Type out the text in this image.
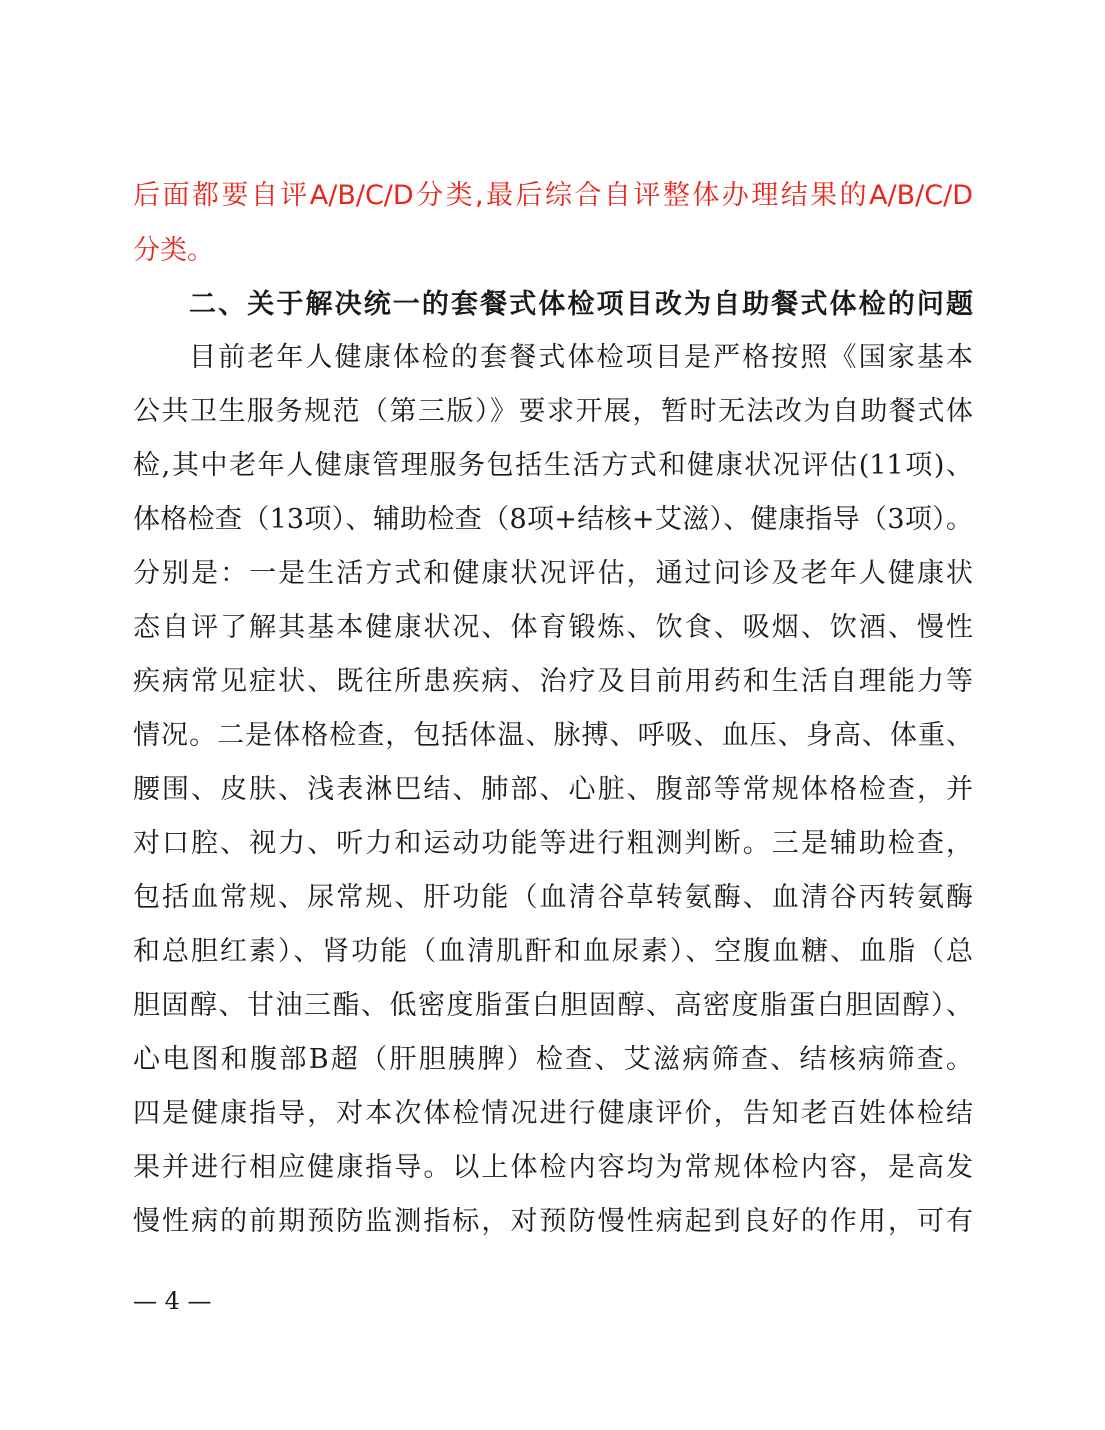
后面都要自评A/B/C/D分类,最后综合自评整体办理结果的A/B/C/D
分类。
二、关于解决统一的套餐式体检项目改为自助餐式体检的问题
目前老年人健康体检的套餐式体检项目是严格按照《国家基本
公共卫生服务规范（第三版）》要求开展，暂时无法改为自助餐式体
检,其中老年人健康管理服务包括生活方式和健康状况评估(11项)、
体格检查（13项）、辅助检查（8项+结核+艾滋）、健康指导（3项）。
分别是：一是生活方式和健康状况评估，通过问诊及老年人健康状
态自评了解其基本健康状况、体育锻炼、饮食、吸烟、饮酒、慢性
疾病常见症状、既往所患疾病、治疗及目前用药和生活自理能力等
情况。二是体格检查，包括体温、脉搏、呼吸、血压、身高、体重、
腰围、皮肤、浅表淋巴结、肺部、心脏、腹部等常规体格检查，并
对口腔、视力、听力和运动功能等进行粗测判断。三是辅助检查，
包括血常规、尿常规、肝功能（血清谷草转氨酶、血清谷丙转氨酶
和总胆红素）、肾功能（血清肌酐和血尿素）、空腹血糖、血脂（总
胆固醇、甘油三酯、低密度脂蛋白胆固醇、高密度脂蛋白胆固醇）、
心电图和腹部B超（肝胆胰脾）检查、艾滋病筛查、结核病筛查。
四是健康指导，对本次体检情况进行健康评价，告知老百姓体检结
果并进行相应健康指导。以上体检内容均为常规体检内容，是高发
慢性病的前期预防监测指标，对预防慢性病起到良好的作用，可有
— 4 —
